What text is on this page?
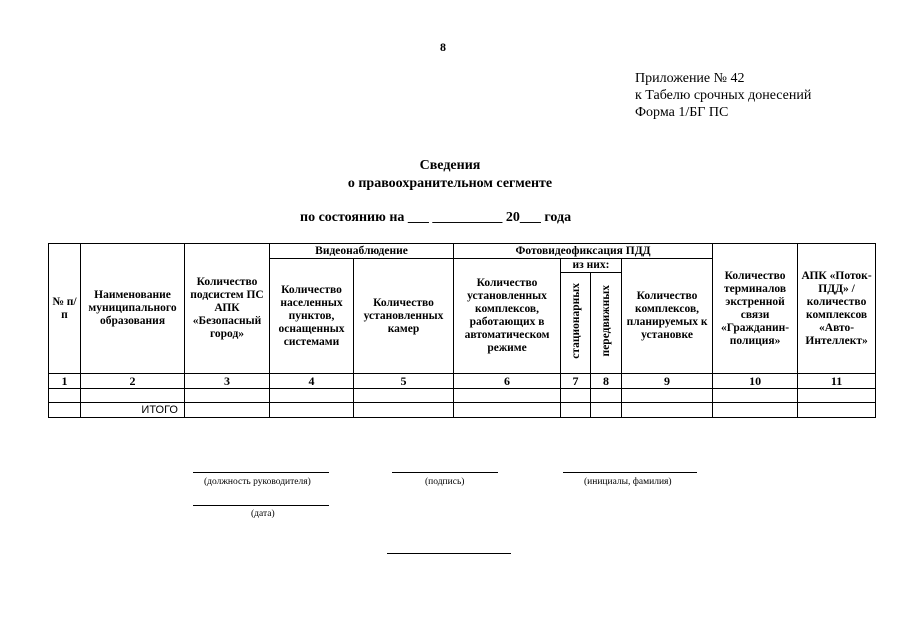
8
Приложение № 42
к Табелю срочных донесений
Форма 1/БГ ПС
Сведения
о правоохранительном сегменте
по состоянию на ___ __________ 20___ года
№ п/п	Наименование муниципального образования	Количество подсистем ПС АПК «Безопасный город»	Видеонаблюдение		Фотовидеофиксация ПДД				Количество терминалов экстренной связи «Гражданин-полиция»	АПК «Поток-ПДД» / количество комплексов «Авто-Интеллект»
			Количество населенных пунктов, оснащенных системами	Количество установленных камер	Количество установленных комплексов, работающих в автоматическом режиме	из них:		Количество комплексов, планируемых к установке		
						стационарных	передвижных			
1	2	3	4	5	6	7	8	9	10	11

	ИТОГО									
(должность руководителя)	(подпись)	(инициалы, фамилия)
(дата)
